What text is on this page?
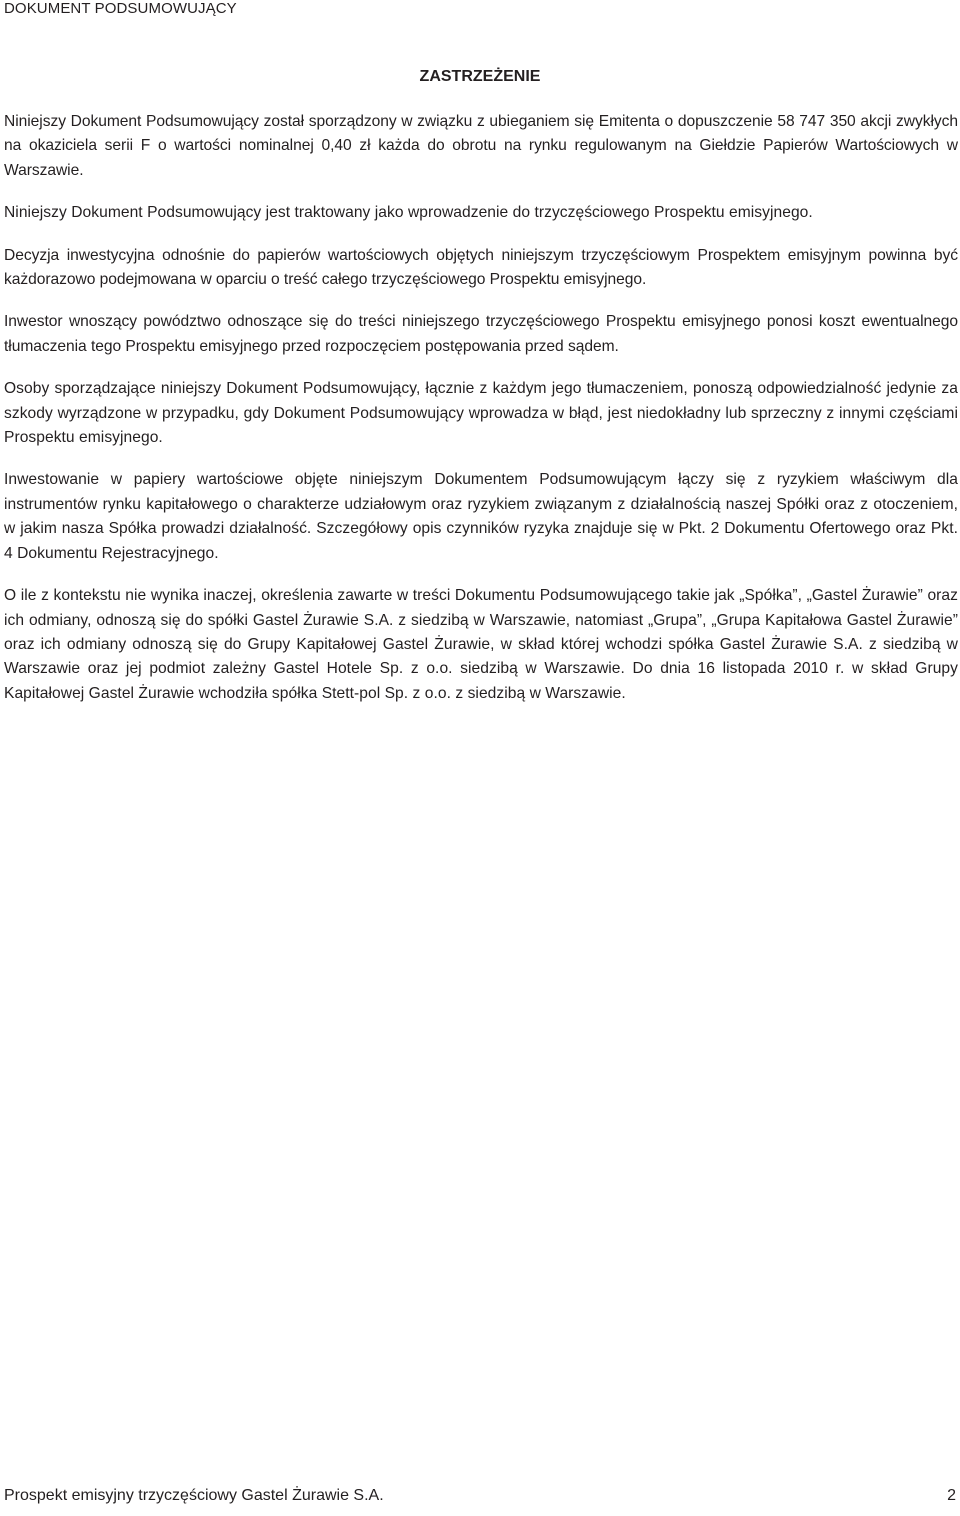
DOKUMENT PODSUMOWUJĄCY
ZASTRZEŻENIE

Niniejszy Dokument Podsumowujący został sporządzony w związku z ubieganiem się Emitenta o dopuszczenie 58 747 350 akcji zwykłych na okaziciela serii F o wartości nominalnej 0,40 zł każda do obrotu na rynku regulowanym na Giełdzie Papierów Wartościowych w Warszawie.

Niniejszy Dokument Podsumowujący jest traktowany jako wprowadzenie do trzyczęściowego Prospektu emisyjnego.

Decyzja inwestycyjna odnośnie do papierów wartościowych objętych niniejszym trzyczęściowym Prospektem emisyjnym powinna być każdorazowo podejmowana w oparciu o treść całego trzyczęściowego Prospektu emisyjnego.

Inwestor wnoszący powództwo odnoszące się do treści niniejszego trzyczęściowego Prospektu emisyjnego ponosi koszt ewentualnego tłumaczenia tego Prospektu emisyjnego przed rozpoczęciem postępowania przed sądem.

Osoby sporządzające niniejszy Dokument Podsumowujący, łącznie z każdym jego tłumaczeniem, ponoszą odpowiedzialność jedynie za szkody wyrządzone w przypadku, gdy Dokument Podsumowujący wprowadza w błąd, jest niedokładny lub sprzeczny z innymi częściami Prospektu emisyjnego.

Inwestowanie w papiery wartościowe objęte niniejszym Dokumentem Podsumowującym łączy się z ryzykiem właściwym dla instrumentów rynku kapitałowego o charakterze udziałowym oraz ryzykiem związanym z działalnością naszej Spółki oraz z otoczeniem, w jakim nasza Spółka prowadzi działalność. Szczegółowy opis czynników ryzyka znajduje się w Pkt. 2 Dokumentu Ofertowego oraz Pkt. 4 Dokumentu Rejestracyjnego.

O ile z kontekstu nie wynika inaczej, określenia zawarte w treści Dokumentu Podsumowującego takie jak „Spółka”, „Gastel Żurawie” oraz ich odmiany, odnoszą się do spółki Gastel Żurawie S.A. z siedzibą w Warszawie, natomiast „Grupa”, „Grupa Kapitałowa Gastel Żurawie” oraz ich odmiany odnoszą się do Grupy Kapitałowej Gastel Żurawie, w skład której wchodzi spółka Gastel Żurawie S.A. z siedzibą w Warszawie oraz jej podmiot zależny Gastel Hotele Sp. z o.o. siedzibą w Warszawie. Do dnia 16 listopada 2010 r. w skład Grupy Kapitałowej Gastel Żurawie wchodziła spółka Stett-pol Sp. z o.o. z siedzibą w Warszawie.

Prospekt emisyjny trzyczęściowy Gastel Żurawie S.A.	2
